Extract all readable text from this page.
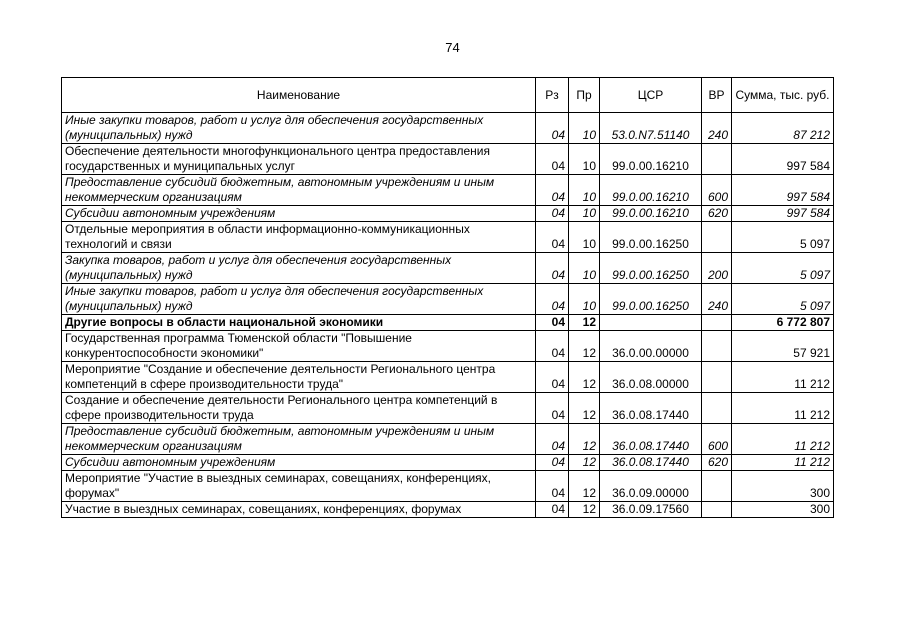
74
Наименование	Рз	Пр	ЦСР	ВР	Сумма, тыс. руб.
Иные закупки товаров, работ и услуг для обеспечения государственных (муниципальных) нужд	04	10	53.0.N7.51140	240	87 212
Обеспечение деятельности многофункционального центра предоставления государственных и муниципальных услуг	04	10	99.0.00.16210		997 584
Предоставление субсидий бюджетным, автономным учреждениям и иным некоммерческим организациям	04	10	99.0.00.16210	600	997 584
Субсидии автономным учреждениям	04	10	99.0.00.16210	620	997 584
Отдельные мероприятия в области информационно-коммуникационных технологий и связи	04	10	99.0.00.16250		5 097
Закупка товаров, работ и услуг для обеспечения государственных (муниципальных) нужд	04	10	99.0.00.16250	200	5 097
Иные закупки товаров, работ и услуг для обеспечения государственных (муниципальных) нужд	04	10	99.0.00.16250	240	5 097
Другие вопросы в области национальной экономики	04	12			6 772 807
Государственная программа Тюменской области "Повышение конкурентоспособности экономики"	04	12	36.0.00.00000		57 921
Мероприятие "Создание и обеспечение деятельности Регионального центра компетенций в сфере производительности труда"	04	12	36.0.08.00000		11 212
Создание и обеспечение деятельности Регионального центра компетенций в сфере производительности труда	04	12	36.0.08.17440		11 212
Предоставление субсидий бюджетным, автономным учреждениям и иным некоммерческим организациям	04	12	36.0.08.17440	600	11 212
Субсидии автономным учреждениям	04	12	36.0.08.17440	620	11 212
Мероприятие "Участие в выездных семинарах, совещаниях, конференциях, форумах"	04	12	36.0.09.00000		300
Участие в выездных семинарах, совещаниях, конференциях, форумах	04	12	36.0.09.17560		300
